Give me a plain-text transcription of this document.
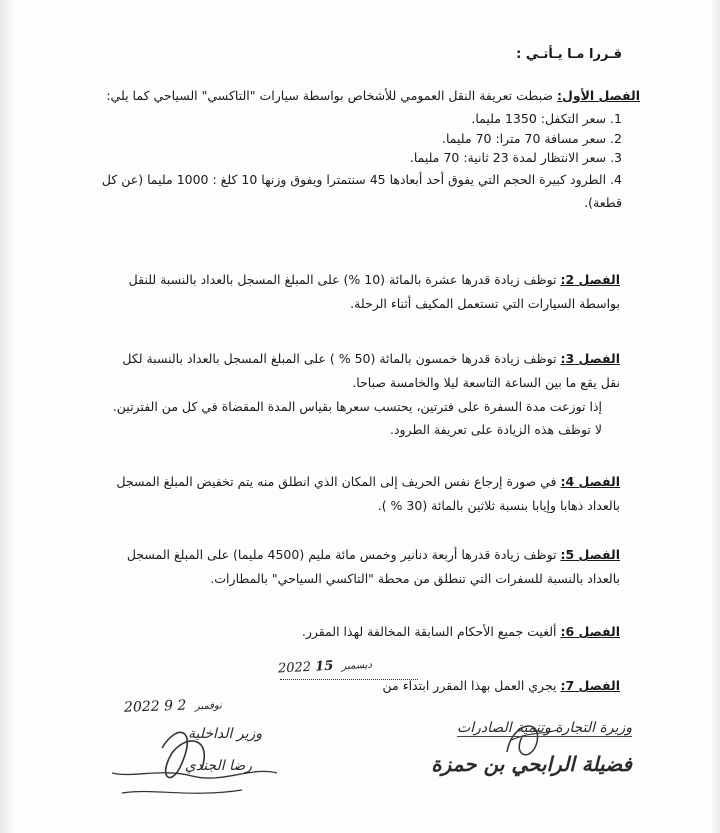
قـررا مـا يـأتـي :

الفصل الأول: ضبطت تعريفة النقل العمومي للأشخاص بواسطة سيارات "التاكسي" السياحي كما يلي:

1. سعر التكفل: 1350 مليما.

2. سعر مسافة 70 مترا: 70 مليما.

3. سعر الانتظار لمدة 23 ثانية: 70 مليما.

4. الطرود كبيرة الحجم التي يفوق أحد أبعادها 45 سنتمترا ويفوق وزنها 10 كلغ : 1000 مليما (عن كل قطعة).

الفصل 2: توظف زيادة قدرها عشرة بالمائة (10 %) على المبلغ المسجل بالعداد بالنسبة للنقل بواسطة السيارات التي تستعمل المكيف أثناء الرحلة.

الفصل 3: توظف زيادة قدرها خمسون بالمائة (50 % ) على المبلغ المسجل بالعداد بالنسبة لكل نقل يقع ما بين الساعة التاسعة ليلا والخامسة صباحا.

إذا توزعت مدة السفرة على فترتين، يحتسب سعرها بقياس المدة المقضاة في كل من الفترتين.

لا توظف هذه الزيادة على تعريفة الطرود.

الفصل 4: في صورة إرجاع نفس الحريف إلى المكان الذي انطلق منه يتم تخفيض المبلغ المسجل بالعداد ذهابا وإيابا بنسبة ثلاثين بالمائة (30 % ).

الفصل 5: توظف زيادة قدرها أربعة دنانير وخمس مائة مليم (4500 مليما) على المبلغ المسجل بالعداد بالنسبة للسفرات التي تنطلق من محطة "التاكسي السياحي" بالمطارات.

الفصل 6: ألغيت جميع الأحكام السابقة المخالفة لهذا المقرر.

الفصل 7: يجري العمل بهذا المقرر ابتداء من

2022	ديسمبر 15
2022	نوفمبر 2 9
وزير الداخلية
رضا الجندي
وزيرة التجارة وتنمية الصادرات
فضيلة الرابحي بن حمزة
